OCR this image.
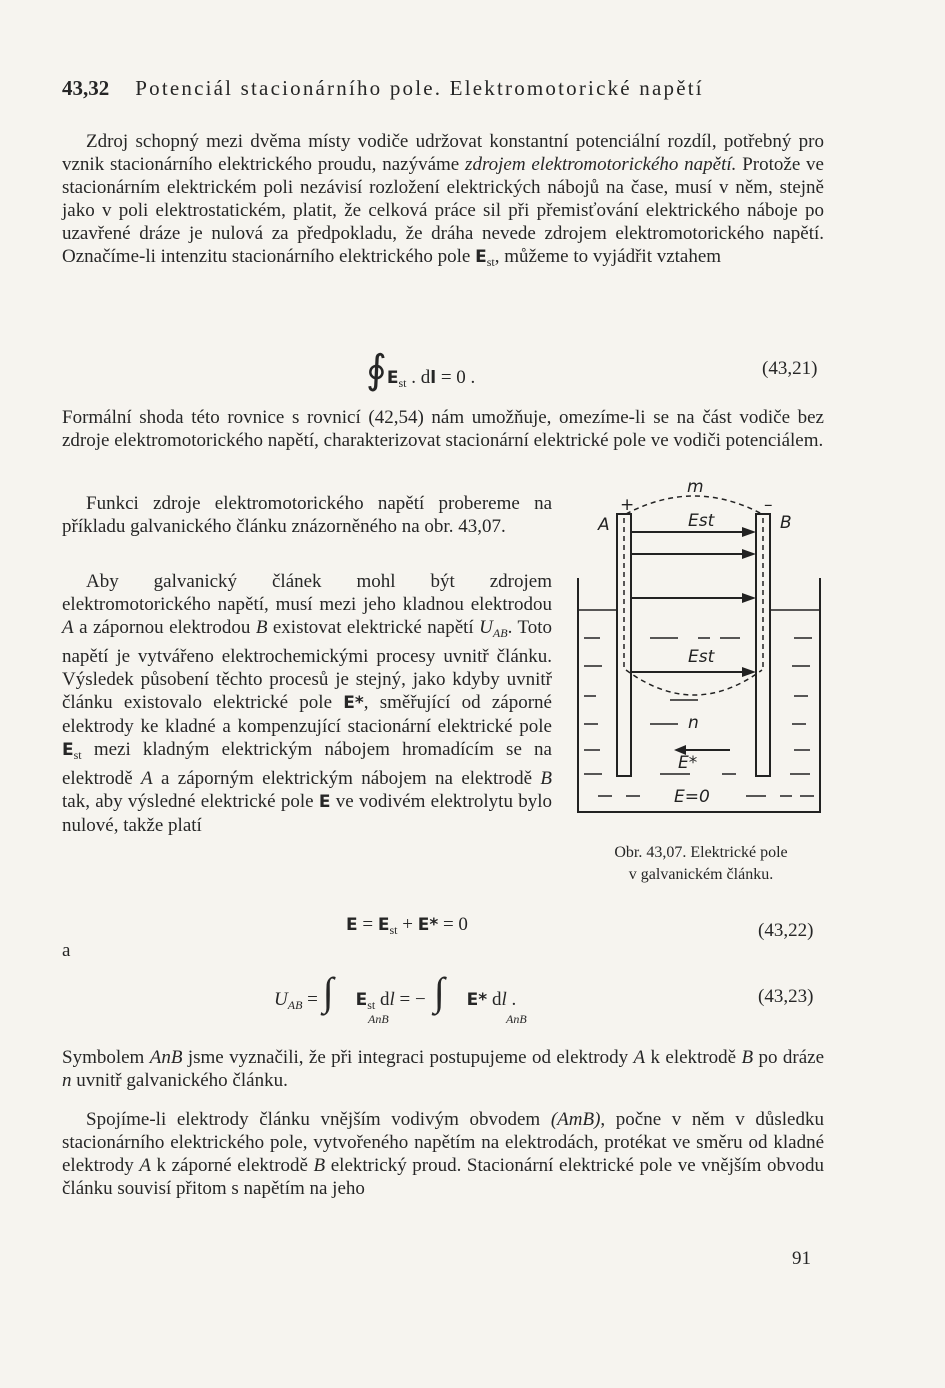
43,32 Potenciál stacionárního pole. Elektromotorické napětí

Zdroj schopný mezi dvěma místy vodiče udržovat konstantní potenciální rozdíl, potřebný pro vznik stacionárního elektrického proudu, nazýváme zdrojem elektromotorického napětí. Protože ve stacionárním elektrickém poli nezávisí rozložení elektrických nábojů na čase, musí v něm, stejně jako v poli elektrostatickém, platit, že celková práce sil při přemisťování elektrického náboje po uzavřené dráze je nulová za předpokladu, že dráha nevede zdrojem elektromotorického napětí. Označíme-li intenzitu stacionárního elektrického pole $E_{st}$, můžeme to vyjádřit vztahem

$∮E_{st}$ . dl = 0 .	(43,21)

Formální shoda této rovnice s rovnicí (42,54) nám umožňuje, omezíme-li se na část vodiče bez zdroje elektromotorického napětí, charakterizovat stacionární elektrické pole ve vodiči potenciálem.

Funkci zdroje elektromotorického napětí probereme na příkladu galvanického článku znázorněného na obr. 43,07.

Aby galvanický článek mohl být zdrojem elektromotorického napětí, musí mezi jeho kladnou elektrodou A a zápornou elektrodou B existovat elektrické napětí $U_{AB}$. Toto napětí je vytvářeno elektrochemickými procesy uvnitř článku. Výsledek působení těchto procesů je stejný, jako kdyby uvnitř článku existovalo elektrické pole E*, směřující od záporné elektrody ke kladné a kompenzující stacionární elektrické pole $E_{st}$ mezi kladným elektrickým nábojem hromadícím se na elektrodě A a záporným elektrickým nábojem na elektrodě B tak, aby výsledné elektrické pole E ve vodivém elektrolytu bylo nulové, takže platí

m
A	B
+	–
Est
Est
n
E*
E=0
Obr. 43,07. Elektrické pole
v galvanickém článku.
$E = E_{st} + E* = 0$	(43,22)
a
$U_{AB}$ = ∫ $E_{st}$ dl = − ∫ E* dl .
AnB	AnB
(43,23)

Symbolem AnB jsme vyznačili, že při integraci postupujeme od elektrody A k elektrodě B po dráze n uvnitř galvanického článku.

Spojíme-li elektrody článku vnějším vodivým obvodem (AmB), počne v něm v důsledku stacionárního elektrického pole, vytvořeného napětím na elektrodách, protékat ve směru od kladné elektrody A k záporné elektrodě B elektrický proud. Stacionární elektrické pole ve vnějším obvodu článku souvisí přitom s napětím na jeho

91
